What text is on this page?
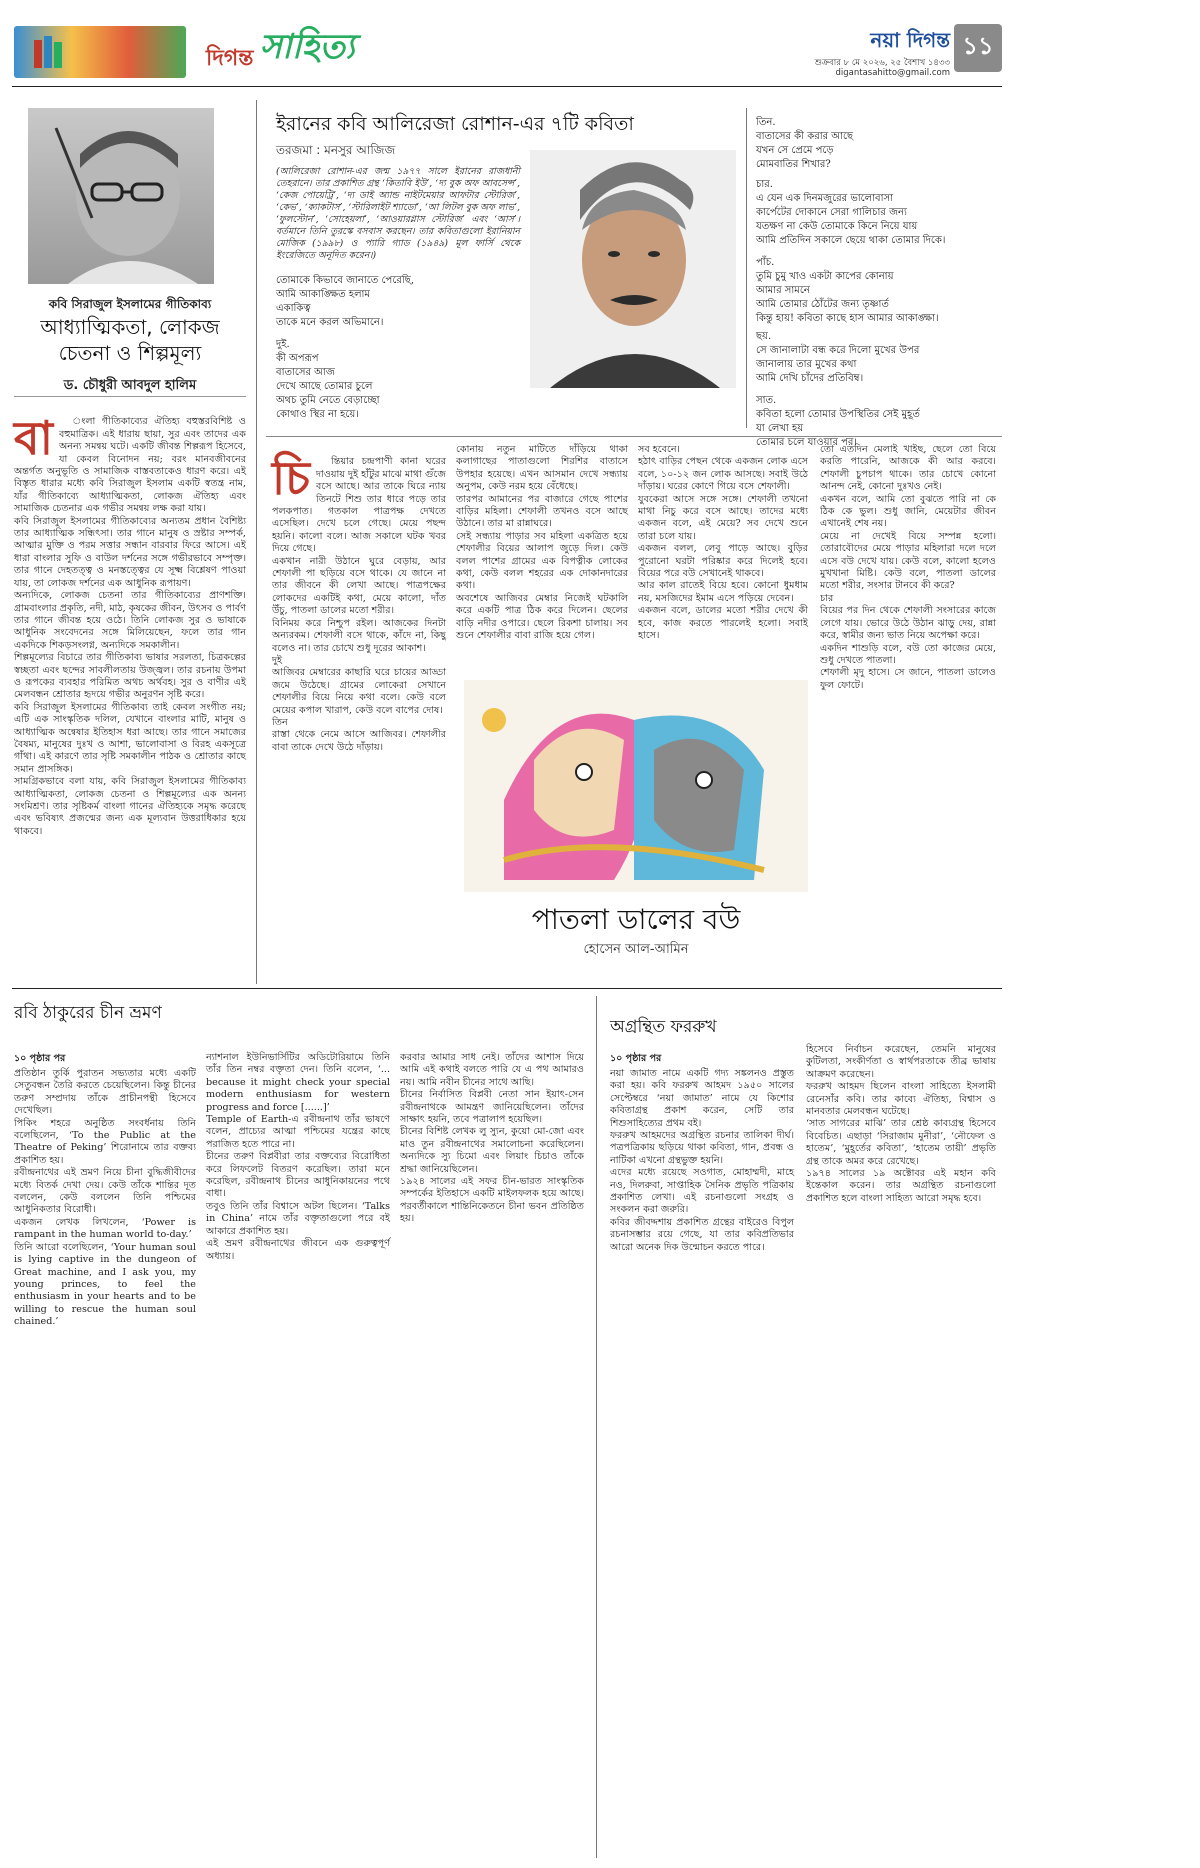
দিগন্ত সাহিত্য	নয়া দিগন্ত ১১
শুক্রবার ৮ মে ২০২৬, ২৫ বৈশাখ ১৪৩৩
digantasahitto@gmail.com
কবি সিরাজুল ইসলামের গীতিকাব্য
আধ্যাত্মিকতা, লোকজ চেতনা ও শিল্পমূল্য
ড. চৌধুরী আবদুল হালিম

বা ংলা গীতিকাব্যের ঐতিহ্য বহুস্তরবিশিষ্ট ও বহুমাত্রিক। এই ধারায় ছায়া, সুর এবং তাদের এক অনন্য সমন্বয় ঘটে। একটি জীবন্ত শিল্পরূপ হিসেবে, যা কেবল বিনোদন নয়; বরং মানবজীবনের অন্তর্গত অনুভূতি ও সামাজিক বাস্তবতাকেও ধারণ করে। এই বিস্তৃত ধারার মধ্যে কবি সিরাজুল ইসলাম একটি স্বতন্ত্র নাম, যাঁর গীতিকাব্যে আধ্যাত্মিকতা, লোকজ ঐতিহ্য এবং সামাজিক চেতনার এক গভীর সমন্বয় লক্ষ করা যায়।
কবি সিরাজুল ইসলামের গীতিকাব্যের অন্যতম প্রধান বৈশিষ্ট্য তার আধ্যাত্মিক সন্ধিৎসা। তার গানে মানুষ ও স্রষ্টার সম্পর্ক, আত্মার মুক্তি ও পরম সত্তার সন্ধান বারবার ফিরে আসে। এই ধারা বাংলার সুফি ও বাউল দর্শনের সঙ্গে গভীরভাবে সম্পৃক্ত। তার গানে দেহতত্ত্ব ও মনস্তত্ত্বের যে সূক্ষ্ম বিশ্লেষণ পাওয়া যায়, তা লোকজ দর্শনের এক আধুনিক রূপায়ণ।
অন্যদিকে, লোকজ চেতনা তার গীতিকাব্যের প্রাণশক্তি। গ্রামবাংলার প্রকৃতি, নদী, মাঠ, কৃষকের জীবন, উৎসব ও পার্বণ তার গানে জীবন্ত হয়ে ওঠে। তিনি লোকজ সুর ও ভাষাকে আধুনিক সংবেদনের সঙ্গে মিলিয়েছেন, ফলে তার গান একদিকে শিকড়সংলগ্ন, অন্যদিকে সমকালীন।
শিল্পমূল্যের বিচারে তার গীতিকাব্য ভাষার সরলতা, চিত্রকল্পের স্বচ্ছতা এবং ছন্দের সাবলীলতায় উজ্জ্বল। তার রচনায় উপমা ও রূপকের ব্যবহার পরিমিত অথচ অর্থবহ। সুর ও বাণীর এই মেলবন্ধন শ্রোতার হৃদয়ে গভীর অনুরণন সৃষ্টি করে।
কবি সিরাজুল ইসলামের গীতিকাব্য তাই কেবল সংগীত নয়; এটি এক সাংস্কৃতিক দলিল, যেখানে বাংলার মাটি, মানুষ ও আধ্যাত্মিক অন্বেষার ইতিহাস ধরা আছে। তার গানে সমাজের বৈষম্য, মানুষের দুঃখ ও আশা, ভালোবাসা ও বিরহ একসূত্রে গাঁথা। এই কারণে তার সৃষ্টি সমকালীন পাঠক ও শ্রোতার কাছে সমান প্রাসঙ্গিক।
সামগ্রিকভাবে বলা যায়, কবি সিরাজুল ইসলামের গীতিকাব্য আধ্যাত্মিকতা, লোকজ চেতনা ও শিল্পমূল্যের এক অনন্য সংমিশ্রণ। তার সৃষ্টিকর্ম বাংলা গানের ঐতিহ্যকে সমৃদ্ধ করেছে এবং ভবিষ্যৎ প্রজন্মের জন্য এক মূল্যবান উত্তরাধিকার হয়ে থাকবে।

ইরানের কবি আলিরেজা রোশান-এর ৭টি কবিতা
তরজমা : মনসুর আজিজ
(আলিরেজা রোশান-এর জন্ম ১৯৭৭ সালে ইরানের রাজধানী তেহরানে। তার প্রকাশিত গ্রন্থ ‘কিতাবি ইউ’, ‘দ্য বুক অফ আবসেন্স’, ‘কেজ পোয়েট্রি’, ‘দ্য ডাই অ্যান্ড নাইটমেয়ার আফটার স্টোরিজ’, ‘কেভ’, ‘ক্যাকটাস’, ‘স্টারিলাইট শ্যাডো’, ‘আ লিটল বুক অফ লাভ’, ‘ফুলস্টোন’, ‘সোহেয়লা’, ‘আওয়ারগ্লাস স্টোরিজ’ এবং ‘আস’। বর্তমানে তিনি তুরস্কে বসবাস করছেন। তার কবিতাগুলো ইরানিয়ান মোজিক (১৯৯৮) ও প্যারি গ্যাড (১৯৪৯) মূল ফার্সি থেকে ইংরেজিতে অনূদিত করেন।)
তোমাকে কিভাবে জানাতে পেরেছি,
আমি আকাঙ্ক্ষিত হলাম
একাকিত্ব
তাকে মনে করল অভিমানে।
দুই.
কী অপরূপ
বাতাসের আজ
দেখে আছে তোমার চুলে
অথচ তুমি নেতে বেড়াচ্ছো
কোথাও স্থির না হয়ে।
তিন.
বাতাসের কী করার আছে
যখন সে প্রেমে পড়ে
মোমবাতির শিখার?
চার.
এ যেন এক দিনমজুরের ভালোবাসা
কার্পেটের দোকানে সেরা গালিচার জন্য
যতক্ষণ না কেউ তোমাকে কিনে নিয়ে যায়
আমি প্রতিদিন সকালে ছেয়ে থাকা তোমার দিকে।
পাঁচ.
তুমি চুমু খাও একটা কাপের কোনায়
আমার সামনে
আমি তোমার ঠোঁটের জন্য তৃষ্ণার্ত
কিন্তু হায়! কবিতা কাছে হাস আমার আকাঙ্ক্ষা।
ছয়.
সে জানালাটা বন্ধ করে দিলো মুখের উপর
জানালায় তার মুখের কথা
আমি দেখি চাঁদের প্রতিবিম্ব।
সাত.
কবিতা হলো তোমার উপস্থিতির সেই মুহূর্ত
যা লেখা হয়
তোমার চলে যাওয়ার পর।

চি ন্তিয়ার চন্দ্রপাণী কানা ঘরের দাওয়ায় দুই হাঁটুর মাঝে মাথা গুঁজে বসে আছে। আর তাকে ঘিরে ন্যায় তিনটে শিশু তার ধারে পড়ে তার পলকপাত। গতকাল পাত্রপক্ষ দেখতে এসেছিল। দেখে চলে গেছে। মেয়ে পছন্দ হয়নি। কালো বলে। আজ সকালে ঘটক খবর দিয়ে গেছে।
একখান নারী উঠানে ঘুরে বেড়ায়, আর শেফালী পা ছড়িয়ে বসে থাকে। যে জানে না তার জীবনে কী লেখা আছে। পাত্রপক্ষের লোকদের একটিই কথা, মেয়ে কালো, দাঁত উঁচু, পাতলা ডালের মতো শরীর।
বিনিময় করে নিশ্চুপ রইল। আজকের দিনটা অন্যরকম। শেফালী বসে থাকে, কাঁদে না, কিছু বলেও না। তার চোখে শুধু দূরের আকাশ।
দুই
আজিবর মেম্বারের কাছারি ঘরে চায়ের আড্ডা জমে উঠেছে। গ্রামের লোকেরা সেখানে শেফালীর বিয়ে নিয়ে কথা বলে। কেউ বলে মেয়ের কপাল খারাপ, কেউ বলে বাপের দোষ।
তিন
রাস্তা থেকে নেমে আসে আজিবর। শেফালীর বাবা তাকে দেখে উঠে দাঁড়ায়।

কোনায় নতুন মাটিতে দাঁড়িয়ে থাকা কলাগাছের পাতাগুলো শিরশির বাতাসে উপহার হয়েছে। এখন আসমান দেখে সন্ধ্যায় অনুপম, কেউ নরম হয়ে বেঁধেছে।
তারপর আমানের পর বাজারে গেছে পাশের বাড়ির মহিলা। শেফালী তখনও বসে আছে উঠানে। তার মা রান্নাঘরে।
সেই সন্ধ্যায় পাড়ার সব মহিলা একত্রিত হয়ে শেফালীর বিয়ের আলাপ জুড়ে দিল। কেউ বলল পাশের গ্রামের এক বিপত্নীক লোকের কথা, কেউ বলল শহরের এক দোকানদারের কথা।
অবশেষে আজিবর মেম্বার নিজেই ঘটকালি করে একটি পাত্র ঠিক করে দিলেন। ছেলের বাড়ি নদীর ওপারে। ছেলে রিকশা চালায়। সব শুনে শেফালীর বাবা রাজি হয়ে গেল।
সব হবেনে।
হঠাৎ বাড়ির পেছন থেকে একজন লোক এসে বলে, ১০-১২ জন লোক আসছে। সবাই উঠে দাঁড়ায়। ঘরের কোণে গিয়ে বসে শেফালী।
যুবকেরা আসে সঙ্গে সঙ্গে। শেফালী তখনো মাথা নিচু করে বসে আছে। তাদের মধ্যে একজন বলে, এই মেয়ে? সব দেখে শুনে তারা চলে যায়।
একজন বলল, লেবু পাড়ে আছে। বুড়ির পুরোনো ঘরটা পরিষ্কার করে দিলেই হবে। বিয়ের পরে বউ সেখানেই থাকবে।
আর কাল রাতেই বিয়ে হবে। কোনো ধুমধাম নয়, মসজিদের ইমাম এসে পড়িয়ে দেবেন।
একজন বলে, ডালের মতো শরীর দেখে কী হবে, কাজ করতে পারলেই হলো। সবাই হাসে।
তো এতদিন মেলাই খাইছ, ছেলে তো বিয়ে করতি পারেনি, আজকে কী আর করবে। শেফালী চুপচাপ থাকে। তার চোখে কোনো আনন্দ নেই, কোনো দুঃখও নেই।
একখন বলে, আমি তো বুঝতে পারি না কে ঠিক কে ভুল। শুধু জানি, মেয়েটার জীবন এখানেই শেষ নয়।
মেয়ে না দেখেই বিয়ে সম্পন্ন হলো। তোরাবৌদের মেয়ে পাড়ার মহিলারা দলে দলে এসে বউ দেখে যায়। কেউ বলে, কালো হলেও মুখখানা মিষ্টি। কেউ বলে, পাতলা ডালের মতো শরীর, সংসার টানবে কী করে?
চার
বিয়ের পর দিন থেকে শেফালী সংসারের কাজে লেগে যায়। ভোরে উঠে উঠান ঝাড়ু দেয়, রান্না করে, স্বামীর জন্য ভাত নিয়ে অপেক্ষা করে।
একদিন শাশুড়ি বলে, বউ তো কাজের মেয়ে, শুধু দেখতে পাতলা।
শেফালী মৃদু হাসে। সে জানে, পাতলা ডালেও ফুল ফোটে।
পাতলা ডালের বউ
হোসেন আল-আমিন
রবি ঠাকুরের চীন ভ্রমণ
১০ পৃষ্ঠার পর
প্রতিষ্ঠান তুর্কি পুরাতন সভ্যতার মধ্যে একটি সেতুবন্ধন তৈরি করতে চেয়েছিলেন। কিন্তু চীনের তরুণ সম্প্রদায় তাঁকে প্রাচীনপন্থী হিসেবে দেখেছিল।
পিকিং শহরে অনুষ্ঠিত সংবর্ধনায় তিনি বলেছিলেন, ‘To the Public at the Theatre of Peking’ শিরোনামে তার বক্তব্য প্রকাশিত হয়।
রবীন্দ্রনাথের এই ভ্রমণ নিয়ে চীনা বুদ্ধিজীবীদের মধ্যে বিতর্ক দেখা দেয়। কেউ তাঁকে শান্তির দূত বললেন, কেউ বললেন তিনি পশ্চিমের আধুনিকতার বিরোধী।
একজন লেখক লিখলেন, ‘Power is rampant in the human world to-day.’
তিনি আরো বলেছিলেন, ‘Your human soul is lying captive in the dungeon of Great machine, and I ask you, my young princes, to feel the enthusiasm in your hearts and to be willing to rescue the human soul chained.’
ন্যাশনাল ইউনিভার্সিটির অডিটোরিয়ামে তিনি তাঁর তিন নম্বর বক্তৃতা দেন। তিনি বলেন, ‘... because it might check your special modern enthusiasm for western progress and force [......]’
Temple of Earth-এ রবীন্দ্রনাথ তাঁর ভাষণে বলেন, প্রাচ্যের আত্মা পশ্চিমের যন্ত্রের কাছে পরাজিত হতে পারে না।
চীনের তরুণ বিপ্লবীরা তার বক্তব্যের বিরোধিতা করে লিফলেট বিতরণ করেছিল। তারা মনে করেছিল, রবীন্দ্রনাথ চীনের আধুনিকায়নের পথে বাধা।
তবুও তিনি তাঁর বিশ্বাসে অটল ছিলেন। ‘Talks in China’ নামে তাঁর বক্তৃতাগুলো পরে বই আকারে প্রকাশিত হয়।
এই ভ্রমণ রবীন্দ্রনাথের জীবনে এক গুরুত্বপূর্ণ অধ্যায়।
করবার আমার সাধ নেই। তাঁদের আশাস দিয়ে আমি এই কথাই বলতে পারি যে এ পথ আমারও নয়। আমি নবীন চীনের সাথে আছি।
চীনের নির্বাসিত বিপ্লবী নেতা সান ইয়াৎ-সেন রবীন্দ্রনাথকে আমন্ত্রণ জানিয়েছিলেন। তাঁদের সাক্ষাৎ হয়নি, তবে পত্রালাপ হয়েছিল।
চীনের বিশিষ্ট লেখক লু স্যুন, কুয়ো মো-জো এবং মাও তুন রবীন্দ্রনাথের সমালোচনা করেছিলেন। অন্যদিকে স্যু চিমো এবং লিয়াং চিচাও তাঁকে শ্রদ্ধা জানিয়েছিলেন।
১৯২৪ সালের এই সফর চীন-ভারত সাংস্কৃতিক সম্পর্কের ইতিহাসে একটি মাইলফলক হয়ে আছে। পরবর্তীকালে শান্তিনিকেতনে চীনা ভবন প্রতিষ্ঠিত হয়।
অগ্রন্থিত ফররুখ
১০ পৃষ্ঠার পর
নয়া জামাত নামে একটি গদ্য সঙ্কলনও প্রস্তুত করা হয়। কবি ফররুখ আহমদ ১৯৫০ সালের সেপ্টেম্বরে ‘নয়া জামাত’ নামে যে কিশোর কবিতাগ্রন্থ প্রকাশ করেন, সেটি তার শিশুসাহিত্যের প্রথম বই।
ফররুখ আহমদের অগ্রন্থিত রচনার তালিকা দীর্ঘ। পত্রপত্রিকায় ছড়িয়ে থাকা কবিতা, গান, প্রবন্ধ ও নাটিকা এখনো গ্রন্থভুক্ত হয়নি।
এদের মধ্যে রয়েছে সওগাত, মোহাম্মদী, মাহে নও, দিলরুবা, সাপ্তাহিক সৈনিক প্রভৃতি পত্রিকায় প্রকাশিত লেখা। এই রচনাগুলো সংগ্রহ ও সংকলন করা জরুরি।
কবির জীবদ্দশায় প্রকাশিত গ্রন্থের বাইরেও বিপুল রচনাসম্ভার রয়ে গেছে, যা তার কবিপ্রতিভার আরো অনেক দিক উন্মোচন করতে পারে।
হিসেবে নির্বাচন করেছেন, তেমনি মানুষের কুটিলতা, সংকীর্ণতা ও স্বার্থপরতাকে তীব্র ভাষায় আক্রমণ করেছেন।
ফররুখ আহমদ ছিলেন বাংলা সাহিত্যে ইসলামী রেনেসাঁর কবি। তার কাব্যে ঐতিহ্য, বিশ্বাস ও মানবতার মেলবন্ধন ঘটেছে।
‘সাত সাগরের মাঝি’ তার শ্রেষ্ঠ কাব্যগ্রন্থ হিসেবে বিবেচিত। এছাড়া ‘সিরাজাম মুনীরা’, ‘নৌফেল ও হাতেম’, ‘মুহূর্তের কবিতা’, ‘হাতেম তায়ী’ প্রভৃতি গ্রন্থ তাকে অমর করে রেখেছে।
১৯৭৪ সালের ১৯ অক্টোবর এই মহান কবি ইন্তেকাল করেন। তার অগ্রন্থিত রচনাগুলো প্রকাশিত হলে বাংলা সাহিত্য আরো সমৃদ্ধ হবে।
